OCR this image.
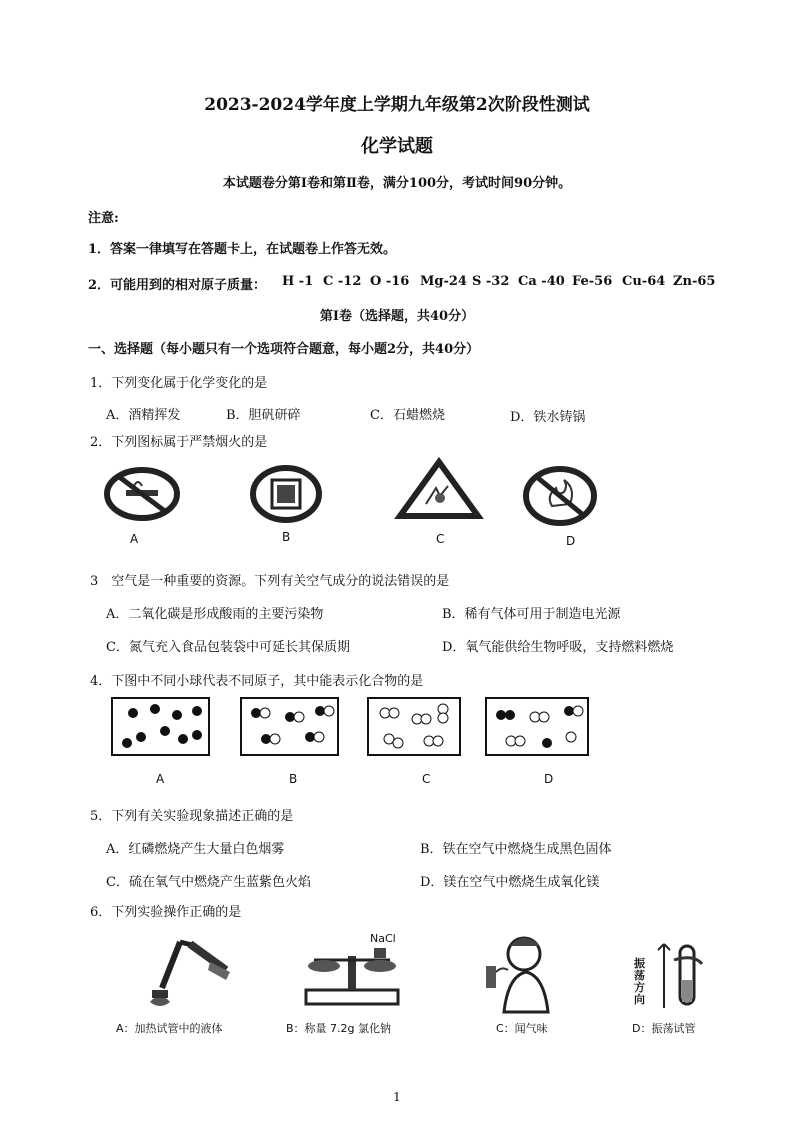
2023-2024学年度上学期九年级第2次阶段性测试
化学试题
本试题卷分第Ⅰ卷和第Ⅱ卷，满分100分，考试时间90分钟。
注意:
1．答案一律填写在答题卡上，在试题卷上作答无效。
2．可能用到的相对原子质量： H -1 C -12 O -16 Mg-24 S -32 Ca -40 Fe-56 Cu-64 Zn-65
第Ⅰ卷（选择题，共40分）
一、选择题（每小题只有一个选项符合题意，每小题2分，共40分）
1．下列变化属于化学变化的是
A．酒精挥发	B．胆矾研碎	C．石蜡燃烧	D．铁水铸锅
2．下列图标属于严禁烟火的是
A	B	C	D
3　空气是一种重要的资源。下列有关空气成分的说法错误的是
A．二氧化碳是形成酸雨的主要污染物	B．稀有气体可用于制造电光源
C．氮气充入食品包装袋中可延长其保质期	D．氧气能供给生物呼吸，支持燃料燃烧
4．下图中不同小球代表不同原子，其中能表示化合物的是
A	B	C	D
5．下列有关实验现象描述正确的是
A．红磷燃烧产生大量白色烟雾	B．铁在空气中燃烧生成黑色固体
C．硫在氧气中燃烧产生蓝紫色火焰	D．镁在空气中燃烧生成氧化镁
6．下列实验操作正确的是
NaCl
振
荡
方
向
A：加热试管中的液体	B：称量 7.2g 氯化钠	C：闻气味	D：振荡试管
1
